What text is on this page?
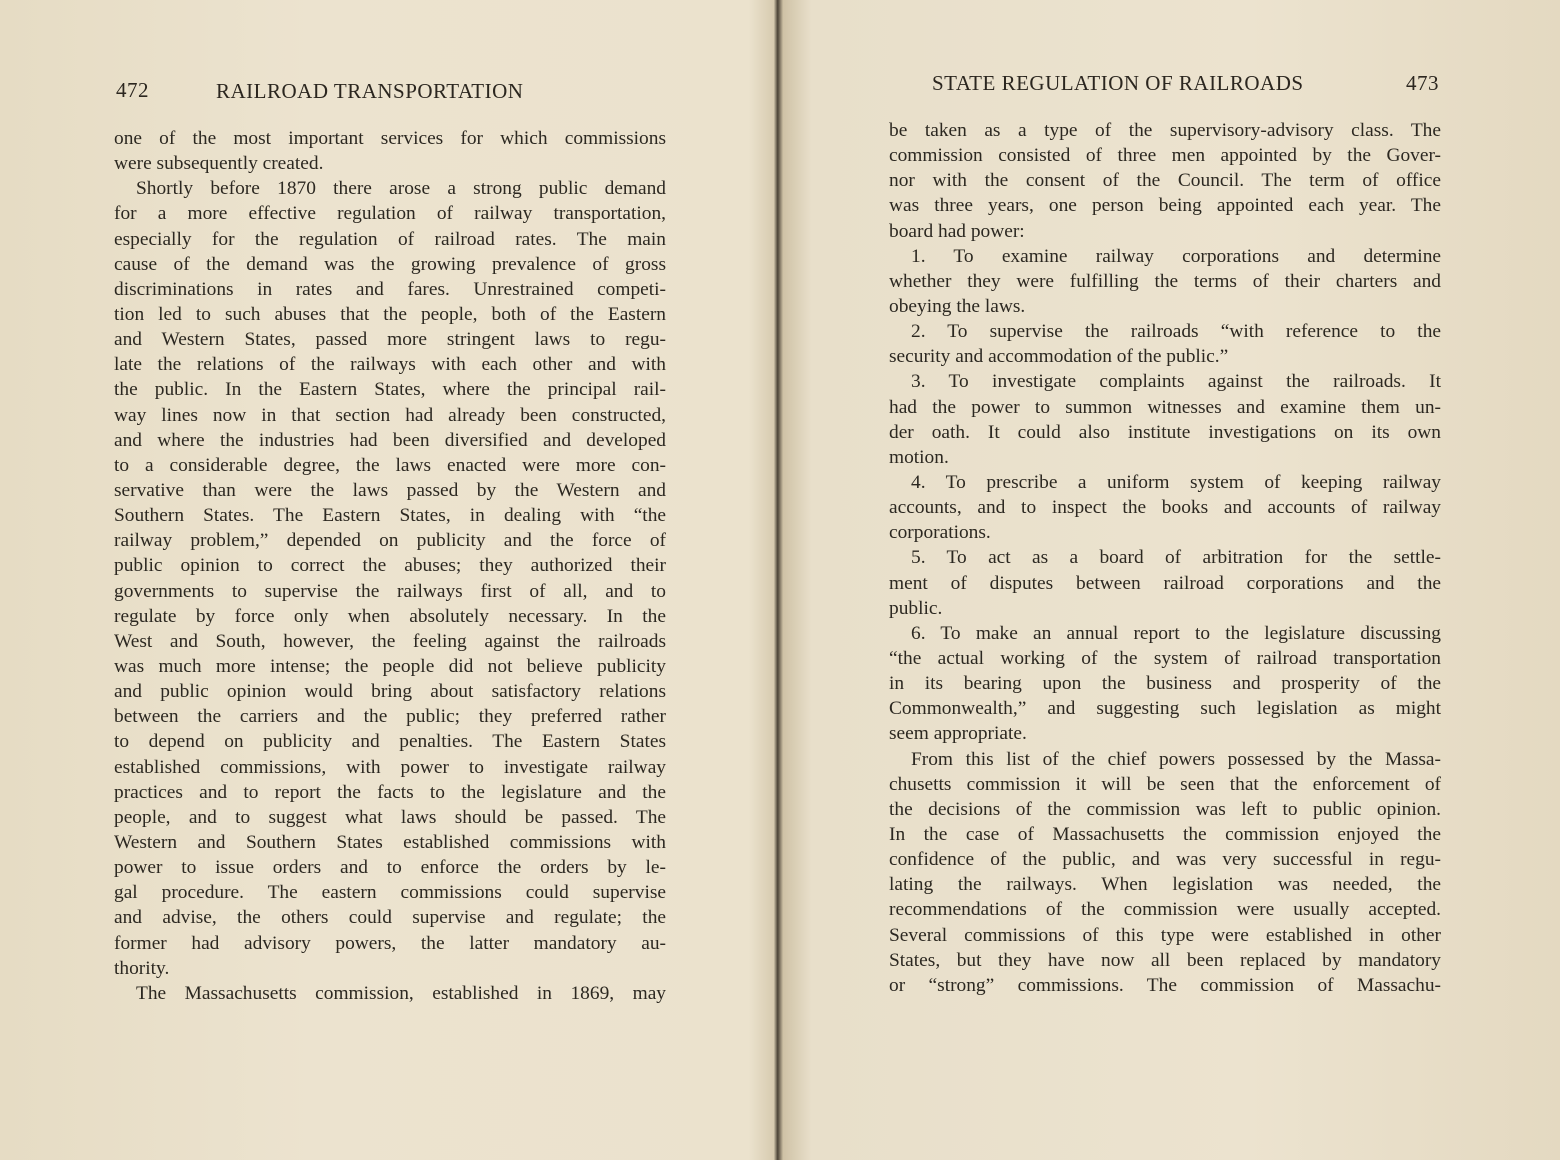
472	RAILROAD TRANSPORTATION
one of the most important services for which commissions
were subsequently created.
Shortly before 1870 there arose a strong public demand
for a more effective regulation of railway transportation,
especially for the regulation of railroad rates. The main
cause of the demand was the growing prevalence of gross
discriminations in rates and fares. Unrestrained competi-
tion led to such abuses that the people, both of the Eastern
and Western States, passed more stringent laws to regu-
late the relations of the railways with each other and with
the public. In the Eastern States, where the principal rail-
way lines now in that section had already been constructed,
and where the industries had been diversified and developed
to a considerable degree, the laws enacted were more con-
servative than were the laws passed by the Western and
Southern States. The Eastern States, in dealing with “the
railway problem,” depended on publicity and the force of
public opinion to correct the abuses; they authorized their
governments to supervise the railways first of all, and to
regulate by force only when absolutely necessary. In the
West and South, however, the feeling against the railroads
was much more intense; the people did not believe publicity
and public opinion would bring about satisfactory relations
between the carriers and the public; they preferred rather
to depend on publicity and penalties. The Eastern States
established commissions, with power to investigate railway
practices and to report the facts to the legislature and the
people, and to suggest what laws should be passed. The
Western and Southern States established commissions with
power to issue orders and to enforce the orders by le-
gal procedure. The eastern commissions could supervise
and advise, the others could supervise and regulate; the
former had advisory powers, the latter mandatory au-
thority.
The Massachusetts commission, established in 1869, may
STATE REGULATION OF RAILROADS	473
be taken as a type of the supervisory-advisory class. The
commission consisted of three men appointed by the Gover-
nor with the consent of the Council. The term of office
was three years, one person being appointed each year. The
board had power:
1. To examine railway corporations and determine
whether they were fulfilling the terms of their charters and
obeying the laws.
2. To supervise the railroads “with reference to the
security and accommodation of the public.”
3. To investigate complaints against the railroads. It
had the power to summon witnesses and examine them un-
der oath. It could also institute investigations on its own
motion.
4. To prescribe a uniform system of keeping railway
accounts, and to inspect the books and accounts of railway
corporations.
5. To act as a board of arbitration for the settle-
ment of disputes between railroad corporations and the
public.
6. To make an annual report to the legislature discussing
“the actual working of the system of railroad transportation
in its bearing upon the business and prosperity of the
Commonwealth,” and suggesting such legislation as might
seem appropriate.
From this list of the chief powers possessed by the Massa-
chusetts commission it will be seen that the enforcement of
the decisions of the commission was left to public opinion.
In the case of Massachusetts the commission enjoyed the
confidence of the public, and was very successful in regu-
lating the railways. When legislation was needed, the
recommendations of the commission were usually accepted.
Several commissions of this type were established in other
States, but they have now all been replaced by mandatory
or “strong” commissions. The commission of Massachu-
